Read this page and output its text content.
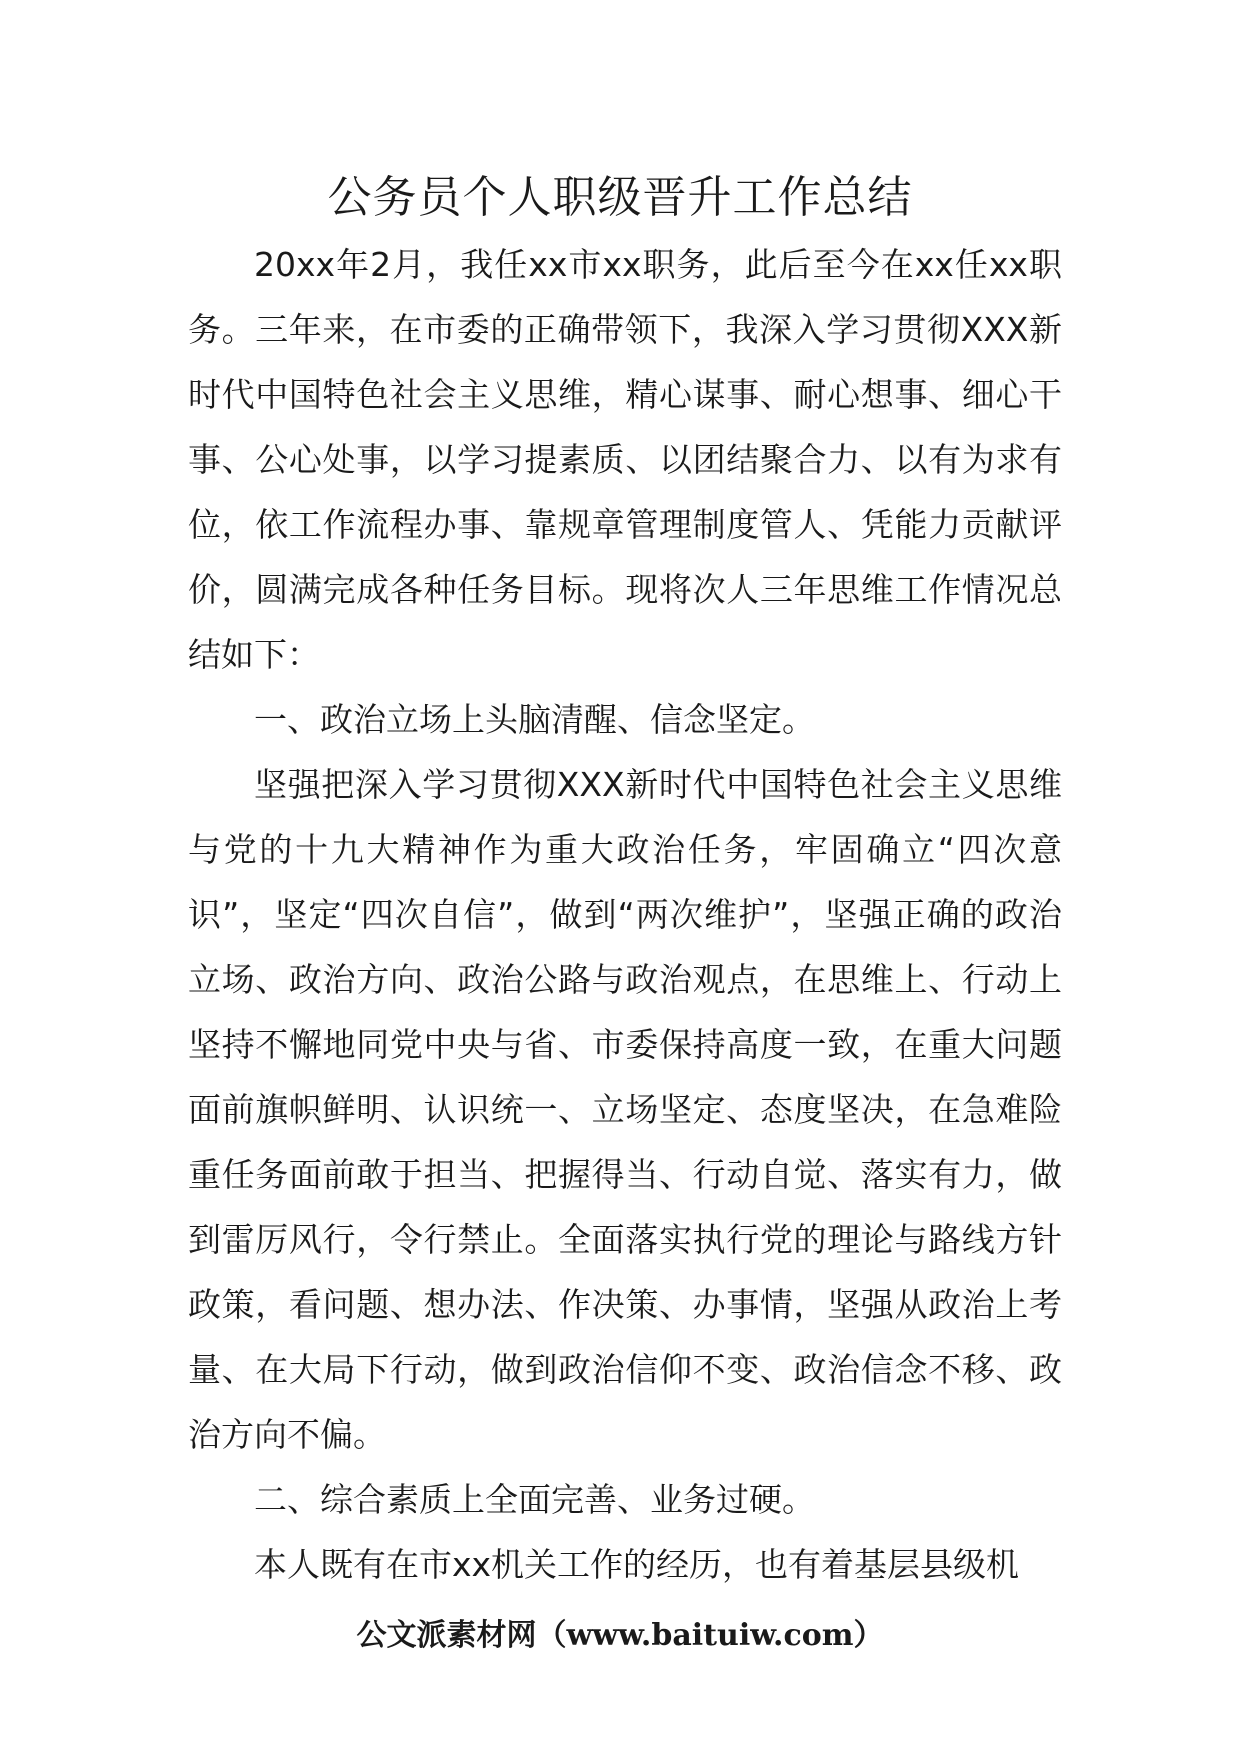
公务员个人职级晋升工作总结

20xx年2月，我任xx市xx职务，此后至今在xx任xx职务。三年来，在市委的正确带领下，我深入学习贯彻XXX新时代中国特色社会主义思维，精心谋事、耐心想事、细心干事、公心处事，以学习提素质、以团结聚合力、以有为求有位，依工作流程办事、靠规章管理制度管人、凭能力贡献评价，圆满完成各种任务目标。现将次人三年思维工作情况总结如下：

一、政治立场上头脑清醒、信念坚定。

坚强把深入学习贯彻XXX新时代中国特色社会主义思维与党的十九大精神作为重大政治任务，牢固确立“四次意识”，坚定“四次自信”，做到“两次维护”，坚强正确的政治立场、政治方向、政治公路与政治观点，在思维上、行动上坚持不懈地同党中央与省、市委保持高度一致，在重大问题面前旗帜鲜明、认识统一、立场坚定、态度坚决，在急难险重任务面前敢于担当、把握得当、行动自觉、落实有力，做到雷厉风行，令行禁止。全面落实执行党的理论与路线方针政策，看问题、想办法、作决策、办事情，坚强从政治上考量、在大局下行动，做到政治信仰不变、政治信念不移、政治方向不偏。

二、综合素质上全面完善、业务过硬。

本人既有在市xx机关工作的经历，也有着基层县级机

公文派素材网（www.baituiw.com）
